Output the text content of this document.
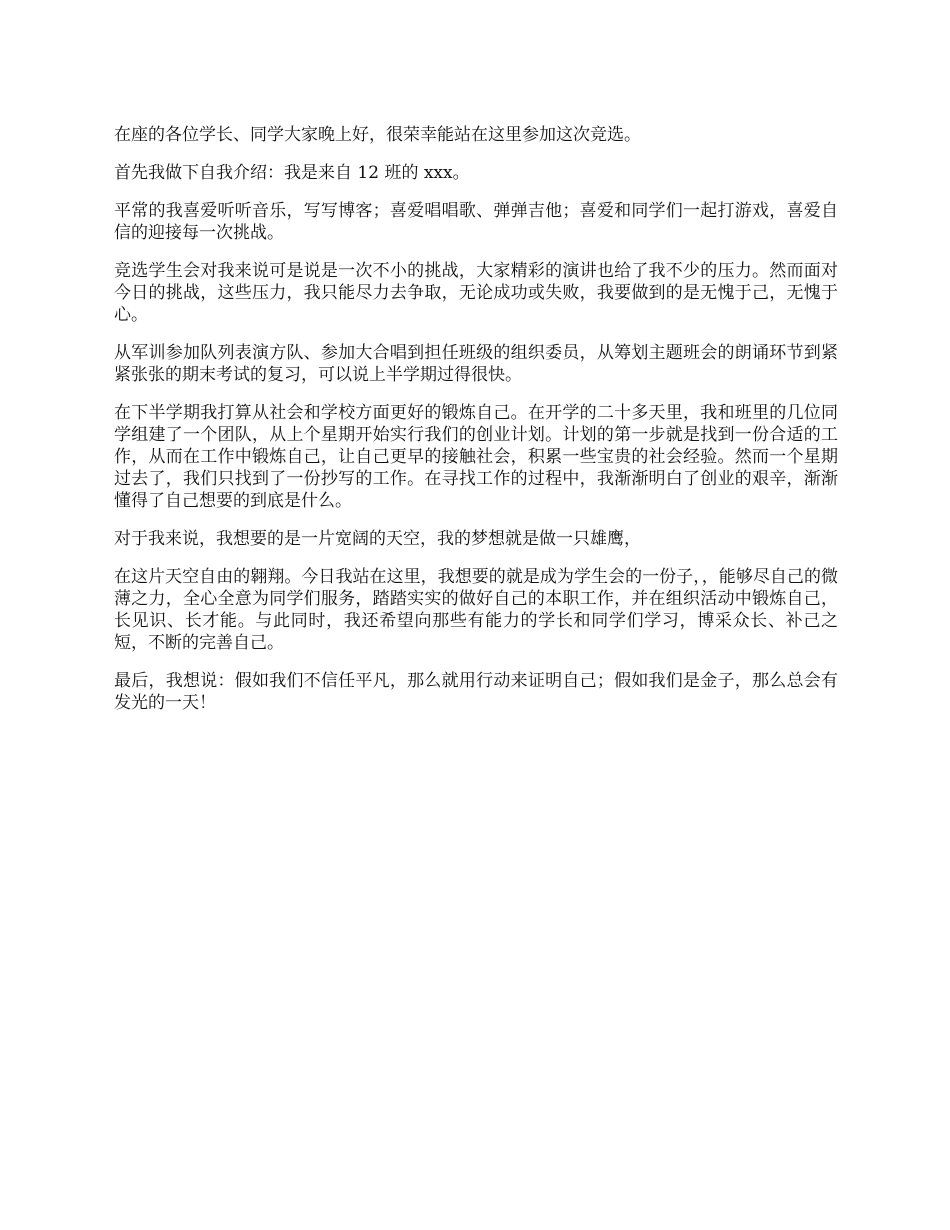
在座的各位学长、同学大家晚上好，很荣幸能站在这里参加这次竞选。

首先我做下自我介绍：我是来自 12 班的 xxx。

平常的我喜爱听听音乐，写写博客；喜爱唱唱歌、弹弹吉他；喜爱和同学们一起打游戏，喜爱自信的迎接每一次挑战。

竞选学生会对我来说可是说是一次不小的挑战，大家精彩的演讲也给了我不少的压力。然而面对今日的挑战，这些压力，我只能尽力去争取，无论成功或失败，我要做到的是无愧于己，无愧于心。

从军训参加队列表演方队、参加大合唱到担任班级的组织委员，从筹划主题班会的朗诵环节到紧紧张张的期末考试的复习，可以说上半学期过得很快。

在下半学期我打算从社会和学校方面更好的锻炼自己。在开学的二十多天里，我和班里的几位同学组建了一个团队，从上个星期开始实行我们的创业计划。计划的第一步就是找到一份合适的工作，从而在工作中锻炼自己，让自己更早的接触社会，积累一些宝贵的社会经验。然而一个星期过去了，我们只找到了一份抄写的工作。在寻找工作的过程中，我渐渐明白了创业的艰辛，渐渐懂得了自己想要的到底是什么。

对于我来说，我想要的是一片宽阔的天空，我的梦想就是做一只雄鹰，

在这片天空自由的翱翔。今日我站在这里，我想要的就是成为学生会的一份子，，能够尽自己的微薄之力，全心全意为同学们服务，踏踏实实的做好自己的本职工作，并在组织活动中锻炼自己，长见识、长才能。与此同时，我还希望向那些有能力的学长和同学们学习，博采众长、补己之短，不断的完善自己。

最后，我想说：假如我们不信任平凡，那么就用行动来证明自己；假如我们是金子，那么总会有发光的一天！
